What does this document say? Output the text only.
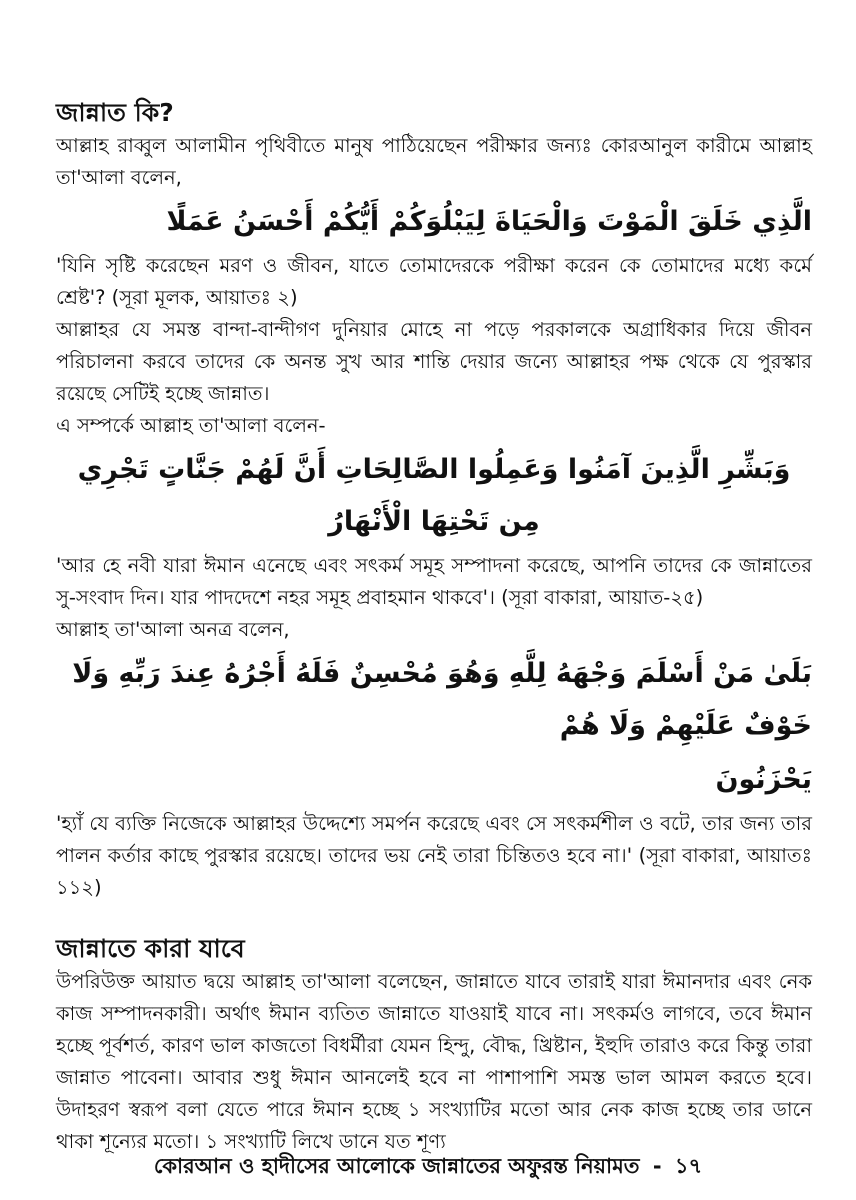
জান্নাত কি?

আল্লাহ রাব্বুল আলামীন পৃথিবীতে মানুষ পাঠিয়েছেন পরীক্ষার জন্যঃ কোরআনুল কারীমে আল্লাহ তা'আলা বলেন,

الَّذِي خَلَقَ الْمَوْتَ وَالْحَيَاةَ لِيَبْلُوَكُمْ أَيُّكُمْ أَحْسَنُ عَمَلًا

'যিনি সৃষ্টি করেছেন মরণ ও জীবন, যাতে তোমাদেরকে পরীক্ষা করেন কে তোমাদের মধ্যে কর্মে শ্রেষ্ট'? (সূরা মূলক, আয়াতঃ ২)

আল্লাহর যে সমস্ত বান্দা-বান্দীগণ দুনিয়ার মোহে না পড়ে পরকালকে অগ্রাধিকার দিয়ে জীবন পরিচালনা করবে তাদের কে অনন্ত সুখ আর শান্তি দেয়ার জন্যে আল্লাহর পক্ষ থেকে যে পুরস্কার রয়েছে সেটিই হচ্ছে জান্নাত।

এ সম্পর্কে আল্লাহ তা'আলা বলেন-

وَبَشِّرِ الَّذِينَ آمَنُوا وَعَمِلُوا الصَّالِحَاتِ أَنَّ لَهُمْ جَنَّاتٍ تَجْرِي مِن تَحْتِهَا الْأَنْهَارُ

'আর হে নবী যারা ঈমান এনেছে এবং সৎকর্ম সমূহ সম্পাদনা করেছে, আপনি তাদের কে জান্নাতের সু-সংবাদ দিন। যার পাদদেশে নহর সমূহ প্রবাহমান থাকবে'। (সূরা বাকারা, আয়াত-২৫)

আল্লাহ তা'আলা অনত্র বলেন,

بَلَىٰ مَنْ أَسْلَمَ وَجْهَهُ لِلَّهِ وَهُوَ مُحْسِنٌ فَلَهُ أَجْرُهُ عِندَ رَبِّهِ وَلَا خَوْفٌ عَلَيْهِمْ وَلَا هُمْ

يَحْزَنُونَ

'হ্যাঁ যে ব্যক্তি নিজেকে আল্লাহর উদ্দেশ্যে সমর্পন করেছে এবং সে সৎকর্মশীল ও বটে, তার জন্য তার পালন কর্তার কাছে পুরস্কার রয়েছে। তাদের ভয় নেই তারা চিন্তিতও হবে না।' (সূরা বাকারা, আয়াতঃ ১১২)

জান্নাতে কারা যাবে

উপরিউক্ত আয়াত দ্বয়ে আল্লাহ তা'আলা বলেছেন, জান্নাতে যাবে তারাই যারা ঈমানদার এবং নেক কাজ সম্পাদনকারী। অর্থাৎ ঈমান ব্যতিত জান্নাতে যাওয়াই যাবে না। সৎকর্মও লাগবে, তবে ঈমান হচ্ছে পূর্বশর্ত, কারণ ভাল কাজতো বিধর্মীরা যেমন হিন্দু, বৌদ্ধ, খ্রিষ্টান, ইহুদি তারাও করে কিন্তু তারা জান্নাত পাবেনা। আবার শুধু ঈমান আনলেই হবে না পাশাপাশি সমস্ত ভাল আমল করতে হবে। উদাহরণ স্বরূপ বলা যেতে পারে ঈমান হচ্ছে ১ সংখ্যাটির মতো আর নেক কাজ হচ্ছে তার ডানে থাকা শূন্যের মতো। ১ সংখ্যাটি লিখে ডানে যত শূণ্য

কোরআন ও হাদীসের আলোকে জান্নাতের অফুরন্ত নিয়ামত - ১৭
